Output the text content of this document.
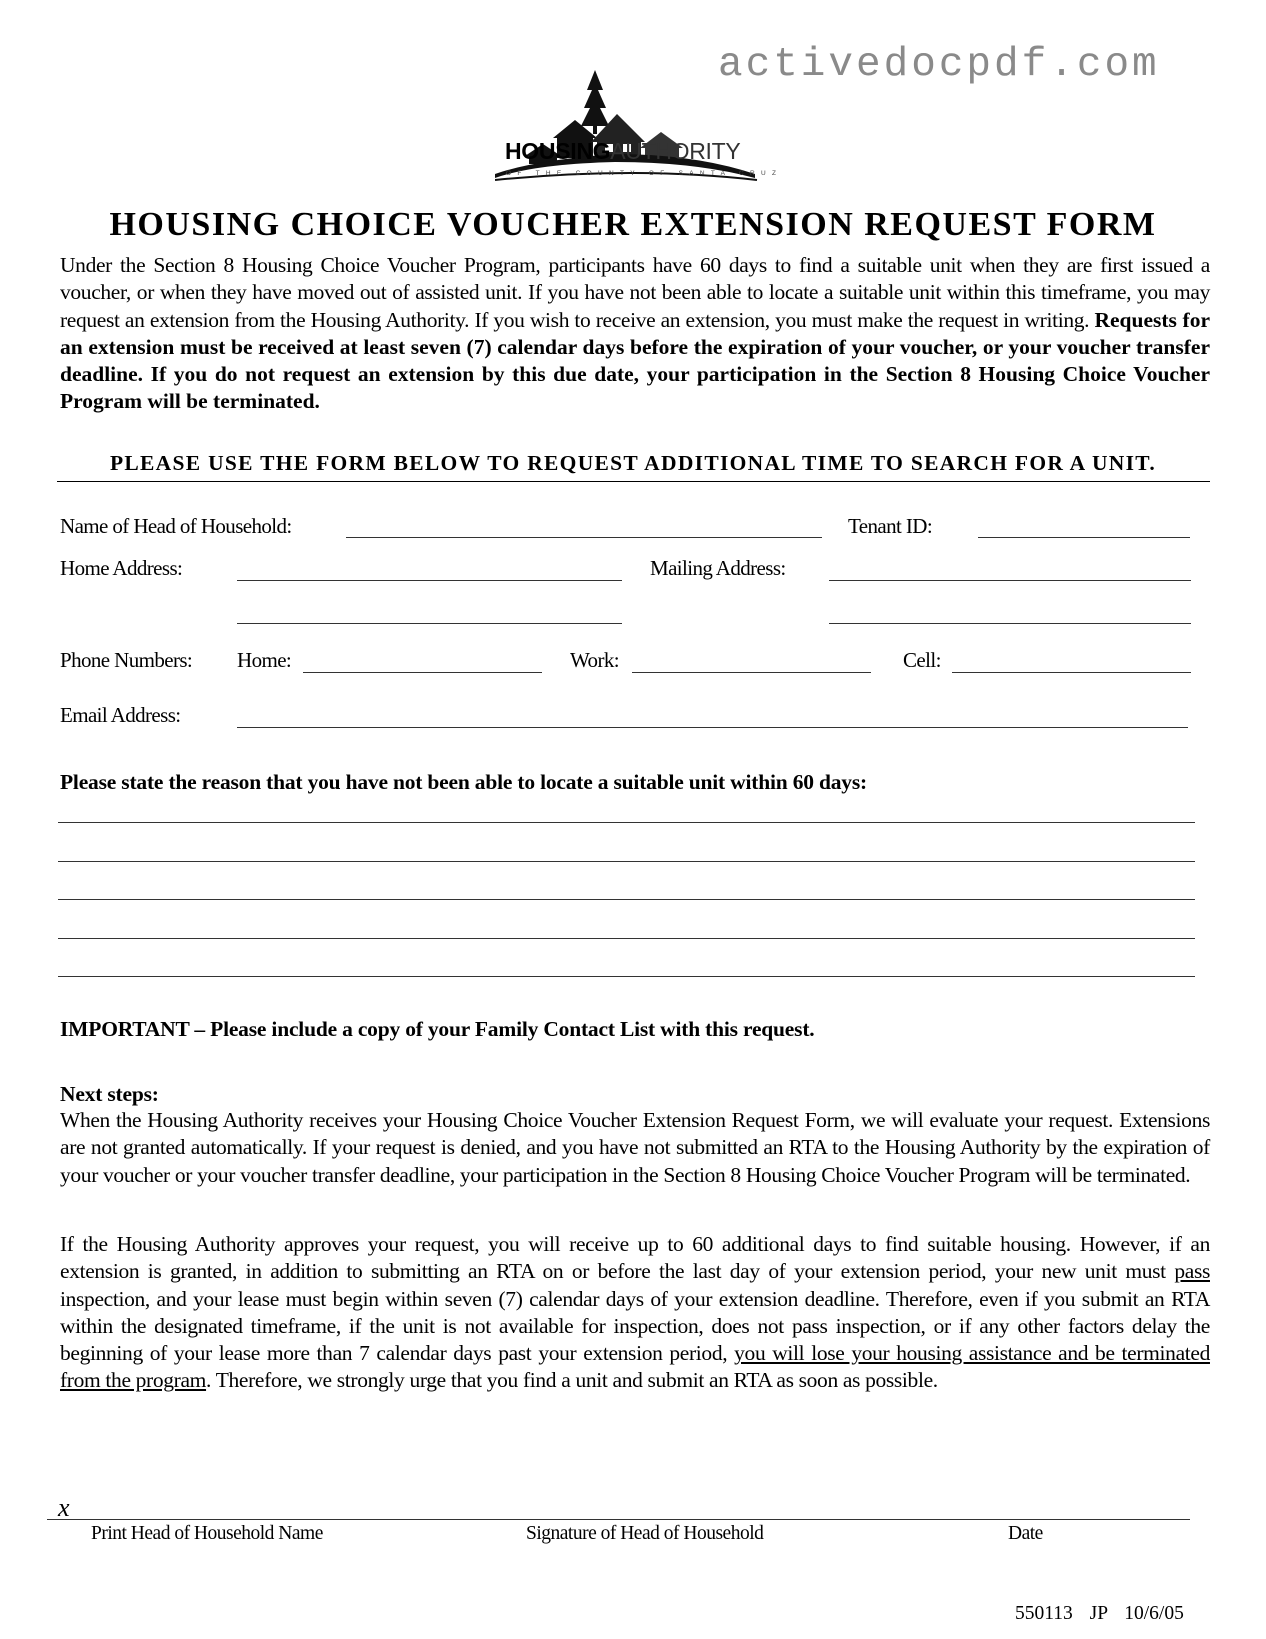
activedocpdf.com
HOUSINGAUTHORITY
OF THE COUNTY OF SANTA CRUZ
HOUSING CHOICE VOUCHER EXTENSION REQUEST FORM
Under the Section 8 Housing Choice Voucher Program, participants have 60 days to find a suitable unit when they are first issued a voucher, or when they have moved out of assisted unit. If you have not been able to locate a suitable unit within this timeframe, you may request an extension from the Housing Authority. If you wish to receive an extension, you must make the request in writing. Requests for an extension must be received at least seven (7) calendar days before the expiration of your voucher, or your voucher transfer deadline. If you do not request an extension by this due date, your participation in the Section 8 Housing Choice Voucher Program will be terminated.
PLEASE USE THE FORM BELOW TO REQUEST ADDITIONAL TIME TO SEARCH FOR A UNIT.
Name of Head of Household:	Tenant ID:
Home Address:	Mailing Address:
Phone Numbers: Home:	Work:	Cell:
Email Address:
Please state the reason that you have not been able to locate a suitable unit within 60 days:
IMPORTANT – Please include a copy of your Family Contact List with this request.
Next steps:
When the Housing Authority receives your Housing Choice Voucher Extension Request Form, we will evaluate your request. Extensions are not granted automatically. If your request is denied, and you have not submitted an RTA to the Housing Authority by the expiration of your voucher or your voucher transfer deadline, your participation in the Section 8 Housing Choice Voucher Program will be terminated.
If the Housing Authority approves your request, you will receive up to 60 additional days to find suitable housing. However, if an extension is granted, in addition to submitting an RTA on or before the last day of your extension period, your new unit must pass inspection, and your lease must begin within seven (7) calendar days of your extension deadline. Therefore, even if you submit an RTA within the designated timeframe, if the unit is not available for inspection, does not pass inspection, or if any other factors delay the beginning of your lease more than 7 calendar days past your extension period, you will lose your housing assistance and be terminated from the program. Therefore, we strongly urge that you find a unit and submit an RTA as soon as possible.
x
Print Head of Household Name	Signature of Head of Household	Date
550113 JP 10/6/05
